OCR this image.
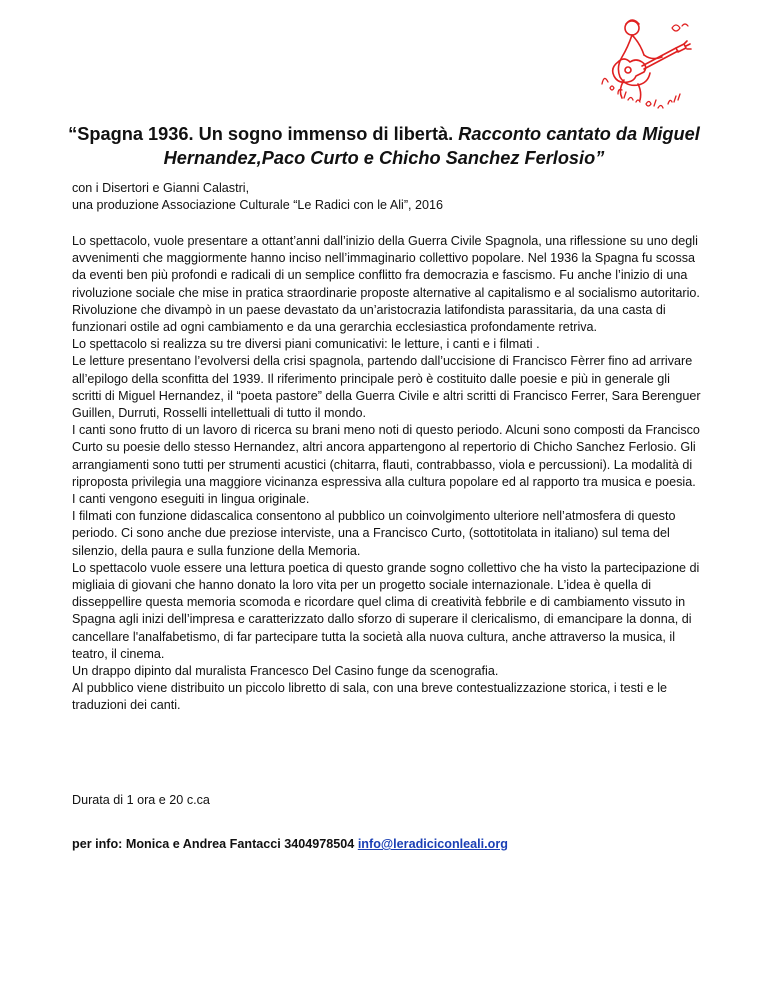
“Spagna 1936. Un sogno immenso di libertà. Racconto cantato da Miguel Hernandez,Paco Curto e Chicho Sanchez Ferlosio”

con i Disertori e Gianni Calastri,
una produzione Associazione Culturale “Le Radici con le Ali”, 2016

Lo spettacolo, vuole presentare a ottant’anni dall’inizio della Guerra Civile Spagnola, una riflessione su uno degli avvenimenti che maggiormente hanno inciso nell’immaginario collettivo popolare. Nel 1936 la Spagna fu scossa da eventi ben più profondi e radicali di un semplice conflitto fra democrazia e fascismo. Fu anche l’inizio di una rivoluzione sociale che mise in pratica straordinarie proposte alternative al capitalismo e al socialismo autoritario. Rivoluzione che divampò in un paese devastato da un’aristocrazia latifondista parassitaria, da una casta di funzionari ostile ad ogni cambiamento e da una gerarchia ecclesiastica profondamente retriva.

Lo spettacolo si realizza su tre diversi piani comunicativi: le letture, i canti e i filmati .

Le letture presentano l’evolversi della crisi spagnola, partendo dall’uccisione di Francisco Fèrrer fino ad arrivare all’epilogo della sconfitta del 1939. Il riferimento principale però è costituito dalle poesie e più in generale gli scritti di Miguel Hernandez, il “poeta pastore” della Guerra Civile e altri scritti di Francisco Ferrer, Sara Berenguer Guillen, Durruti, Rosselli intellettuali di tutto il mondo.

I canti sono frutto di un lavoro di ricerca su brani meno noti di questo periodo. Alcuni sono composti da Francisco Curto su poesie dello stesso Hernandez, altri ancora appartengono al repertorio di Chicho Sanchez Ferlosio. Gli arrangiamenti sono tutti per strumenti acustici (chitarra, flauti, contrabbasso, viola e percussioni). La modalità di riproposta privilegia una maggiore vicinanza espressiva alla cultura popolare ed al rapporto tra musica e poesia.

I canti vengono eseguiti in lingua originale.

I filmati con funzione didascalica consentono al pubblico un coinvolgimento ulteriore nell’atmosfera di questo periodo. Ci sono anche due preziose interviste, una a Francisco Curto, (sottotitolata in italiano) sul tema del silenzio, della paura e sulla funzione della Memoria.

Lo spettacolo vuole essere una lettura poetica di questo grande sogno collettivo che ha visto la partecipazione di migliaia di giovani che hanno donato la loro vita per un progetto sociale internazionale. L’idea è quella di disseppellire questa memoria scomoda e ricordare quel clima di creatività febbrile e di cambiamento vissuto in Spagna agli inizi dell’impresa e caratterizzato dallo sforzo di superare il clericalismo, di emancipare la donna, di cancellare l'analfabetismo, di far partecipare tutta la società alla nuova cultura, anche attraverso la musica, il teatro, il cinema.

Un drappo dipinto dal muralista Francesco Del Casino funge da scenografia.

Al pubblico viene distribuito un piccolo libretto di sala, con una breve contestualizzazione storica, i testi e le traduzioni dei canti.

Durata di 1 ora e 20 c.ca

per info: Monica e Andrea Fantacci 3404978504 info@leradiciconleali.org
